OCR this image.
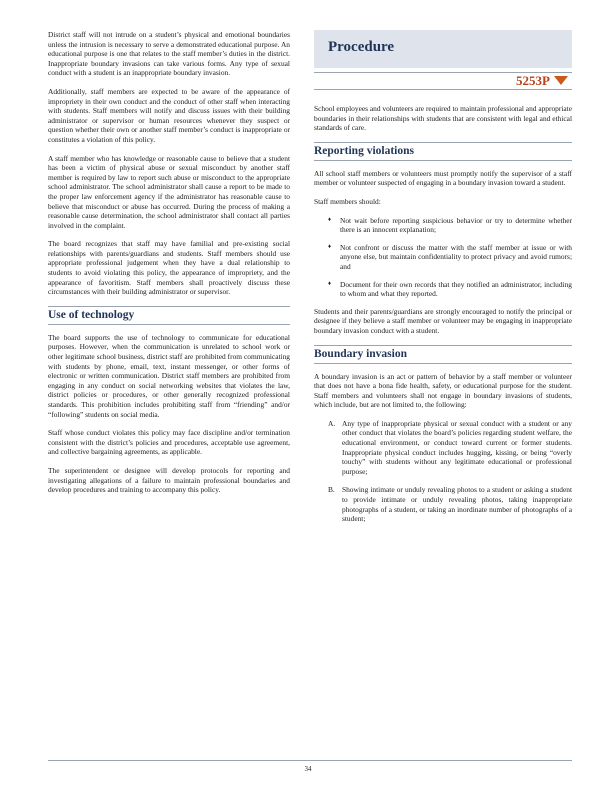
District staff will not intrude on a student’s physical and emotional boundaries unless the intrusion is necessary to serve a demonstrated educational purpose. An educational purpose is one that relates to the staff member’s duties in the district. Inappropriate boundary invasions can take various forms. Any type of sexual conduct with a student is an inappropriate boundary invasion.

Additionally, staff members are expected to be aware of the appearance of impropriety in their own conduct and the conduct of other staff when interacting with students. Staff members will notify and discuss issues with their building administrator or supervisor or human resources whenever they suspect or question whether their own or another staff member’s conduct is inappropriate or constitutes a violation of this policy.

A staff member who has knowledge or reasonable cause to believe that a student has been a victim of physical abuse or sexual misconduct by another staff member is required by law to report such abuse or misconduct to the appropriate school administrator. The school administrator shall cause a report to be made to the proper law enforcement agency if the administrator has reasonable cause to believe that misconduct or abuse has occurred. During the process of making a reasonable cause determination, the school administrator shall contact all parties involved in the complaint.

The board recognizes that staff may have familial and pre-existing social relationships with parents/guardians and students. Staff members should use appropriate professional judgement when they have a dual relationship to students to avoid violating this policy, the appearance of impropriety, and the appearance of favoritism. Staff members shall proactively discuss these circumstances with their building administrator or supervisor.

Use of technology

The board supports the use of technology to communicate for educational purposes. However, when the communication is unrelated to school work or other legitimate school business, district staff are prohibited from communicating with students by phone, email, text, instant messenger, or other forms of electronic or written communication. District staff members are prohibited from engaging in any conduct on social networking websites that violates the law, district policies or procedures, or other generally recognized professional standards. This prohibition includes prohibiting staff from “friending” and/or “following” students on social media.

Staff whose conduct violates this policy may face discipline and/or termination consistent with the district’s policies and procedures, acceptable use agreement, and collective bargaining agreements, as applicable.

The superintendent or designee will develop protocols for reporting and investigating allegations of a failure to maintain professional boundaries and develop procedures and training to accompany this policy.

Procedure
5253P

School employees and volunteers are required to maintain professional and appropriate boundaries in their relationships with students that are consistent with legal and ethical standards of care.

Reporting violations

All school staff members or volunteers must promptly notify the supervisor of a staff member or volunteer suspected of engaging in a boundary invasion toward a student.

Staff members should:

♦ Not wait before reporting suspicious behavior or try to determine whether there is an innocent explanation;
♦ Not confront or discuss the matter with the staff member at issue or with anyone else, but maintain confidentiality to protect privacy and avoid rumors; and
♦ Document for their own records that they notified an administrator, including to whom and what they reported.

Students and their parents/guardians are strongly encouraged to notify the principal or designee if they believe a staff member or volunteer may be engaging in inappropriate boundary invasion conduct with a student.

Boundary invasion

A boundary invasion is an act or pattern of behavior by a staff member or volunteer that does not have a bona fide health, safety, or educational purpose for the student. Staff members and volunteers shall not engage in boundary invasions of students, which include, but are not limited to, the following:

A. Any type of inappropriate physical or sexual conduct with a student or any other conduct that violates the board’s policies regarding student welfare, the educational environment, or conduct toward current or former students. Inappropriate physical conduct includes hugging, kissing, or being “overly touchy” with students without any legitimate educational or professional purpose;
B. Showing intimate or unduly revealing photos to a student or asking a student to provide intimate or unduly revealing photos, taking inappropriate photographs of a student, or taking an inordinate number of photographs of a student;
34
